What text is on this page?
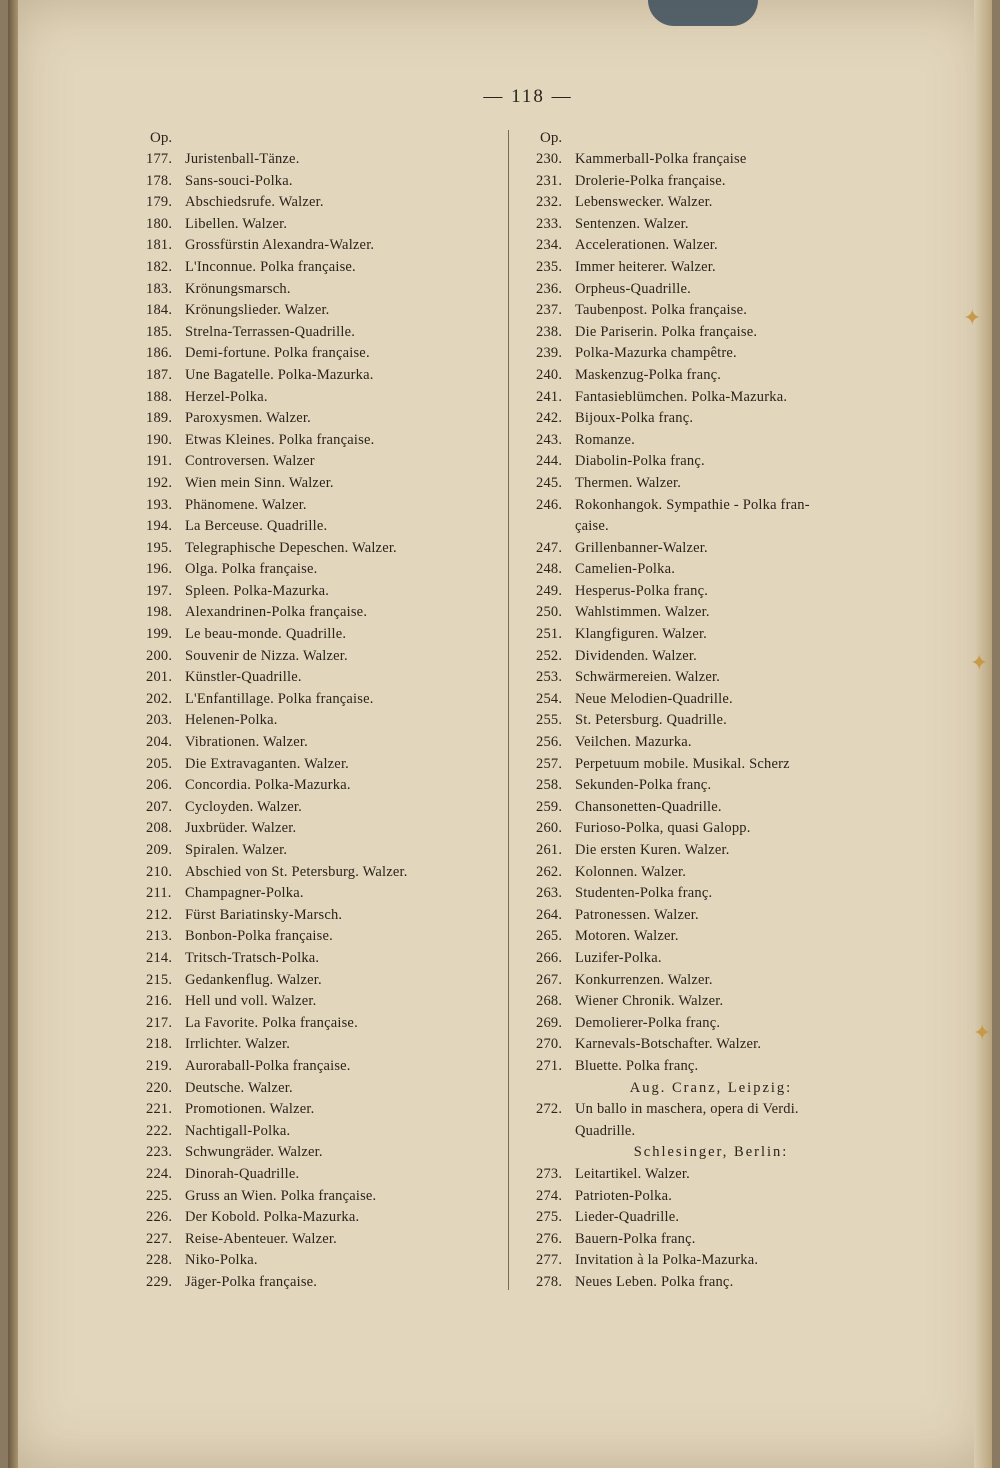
— 118 —
Op.
177. Juristenball-Tänze.
178. Sans-souci-Polka.
179. Abschiedsrufe. Walzer.
180. Libellen. Walzer.
181. Grossfürstin Alexandra-Walzer.
182. L'Inconnue. Polka française.
183. Krönungsmarsch.
184. Krönungslieder. Walzer.
185. Strelna-Terrassen-Quadrille.
186. Demi-fortune. Polka française.
187. Une Bagatelle. Polka-Mazurka.
188. Herzel-Polka.
189. Paroxysmen. Walzer.
190. Etwas Kleines. Polka française.
191. Controversen. Walzer
192. Wien mein Sinn. Walzer.
193. Phänomene. Walzer.
194. La Berceuse. Quadrille.
195. Telegraphische Depeschen. Walzer.
196. Olga. Polka française.
197. Spleen. Polka-Mazurka.
198. Alexandrinen-Polka française.
199. Le beau-monde. Quadrille.
200. Souvenir de Nizza. Walzer.
201. Künstler-Quadrille.
202. L'Enfantillage. Polka française.
203. Helenen-Polka.
204. Vibrationen. Walzer.
205. Die Extravaganten. Walzer.
206. Concordia. Polka-Mazurka.
207. Cycloyden. Walzer.
208. Juxbrüder. Walzer.
209. Spiralen. Walzer.
210. Abschied von St. Petersburg. Walzer.
211. Champagner-Polka.
212. Fürst Bariatinsky-Marsch.
213. Bonbon-Polka française.
214. Tritsch-Tratsch-Polka.
215. Gedankenflug. Walzer.
216. Hell und voll. Walzer.
217. La Favorite. Polka française.
218. Irrlichter. Walzer.
219. Auroraball-Polka française.
220. Deutsche. Walzer.
221. Promotionen. Walzer.
222. Nachtigall-Polka.
223. Schwungräder. Walzer.
224. Dinorah-Quadrille.
225. Gruss an Wien. Polka française.
226. Der Kobold. Polka-Mazurka.
227. Reise-Abenteuer. Walzer.
228. Niko-Polka.
229. Jäger-Polka française.
Op.
230. Kammerball-Polka française
231. Drolerie-Polka française.
232. Lebenswecker. Walzer.
233. Sentenzen. Walzer.
234. Accelerationen. Walzer.
235. Immer heiterer. Walzer.
236. Orpheus-Quadrille.
237. Taubenpost. Polka française.
238. Die Pariserin. Polka française.
239. Polka-Mazurka champêtre.
240. Maskenzug-Polka franç.
241. Fantasieblümchen. Polka-Mazurka.
242. Bijoux-Polka franç.
243. Romanze.
244. Diabolin-Polka franç.
245. Thermen. Walzer.
246. Rokonhangok. Sympathie - Polka fran-
çaise.
247. Grillenbanner-Walzer.
248. Camelien-Polka.
249. Hesperus-Polka franç.
250. Wahlstimmen. Walzer.
251. Klangfiguren. Walzer.
252. Dividenden. Walzer.
253. Schwärmereien. Walzer.
254. Neue Melodien-Quadrille.
255. St. Petersburg. Quadrille.
256. Veilchen. Mazurka.
257. Perpetuum mobile. Musikal. Scherz
258. Sekunden-Polka franç.
259. Chansonetten-Quadrille.
260. Furioso-Polka, quasi Galopp.
261. Die ersten Kuren. Walzer.
262. Kolonnen. Walzer.
263. Studenten-Polka franç.
264. Patronessen. Walzer.
265. Motoren. Walzer.
266. Luzifer-Polka.
267. Konkurrenzen. Walzer.
268. Wiener Chronik. Walzer.
269. Demolierer-Polka franç.
270. Karnevals-Botschafter. Walzer.
271. Bluette. Polka franç.
Aug. Cranz, Leipzig:
272. Un ballo in maschera, opera di Verdi.
Quadrille.
Schlesinger, Berlin:
273. Leitartikel. Walzer.
274. Patrioten-Polka.
275. Lieder-Quadrille.
276. Bauern-Polka franç.
277. Invitation à la Polka-Mazurka.
278. Neues Leben. Polka franç.
✦
✦
✦
